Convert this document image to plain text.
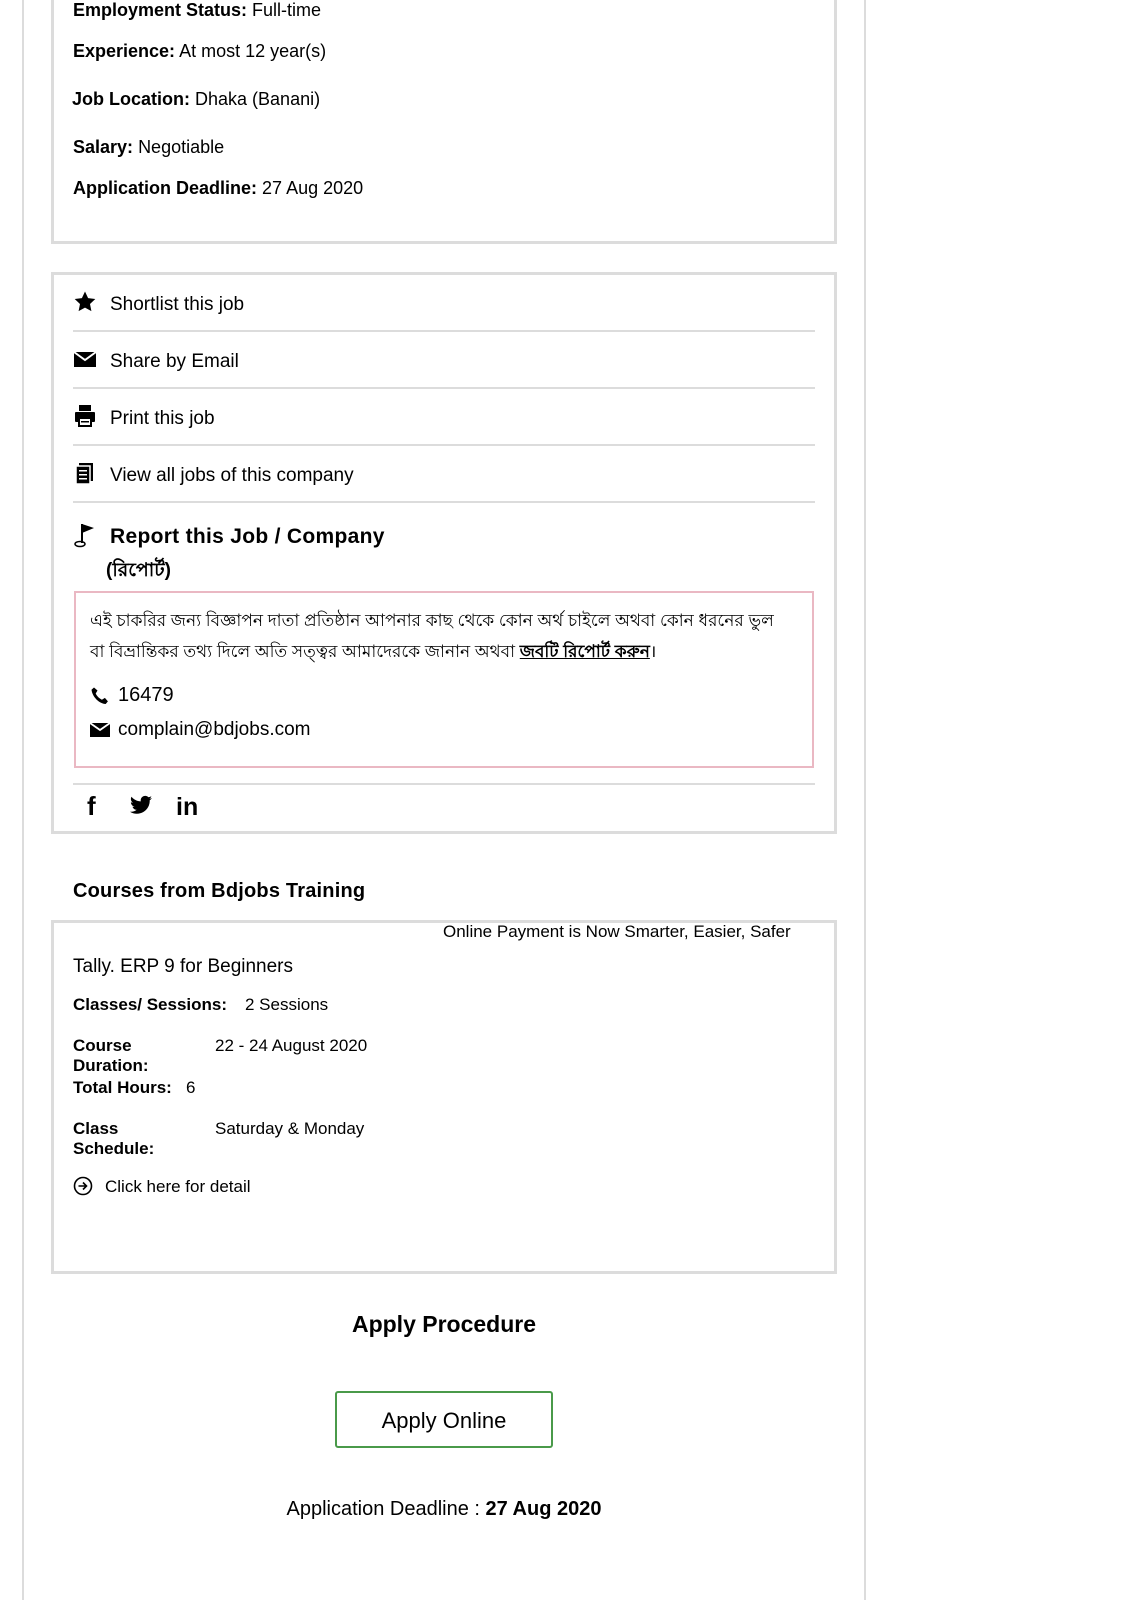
Employment Status: Full-time
Experience: At most 12 year(s)
Job Location: Dhaka (Banani)
Salary: Negotiable
Application Deadline: 27 Aug 2020
Shortlist this job
Share by Email
Print this job
View all jobs of this company
Report this Job / Company
(রিপোর্ট)
এই চাকরির জন্য বিজ্ঞাপন দাতা প্রতিষ্ঠান আপনার কাছ থেকে কোন অর্থ চাইলে অথবা কোন ধরনের ভুল বা বিভ্রান্তিকর তথ্য দিলে অতি সত্ত্বর আমাদেরকে জানান অথবা জবটি রিপোর্ট করুন।
16479
complain@bdjobs.com
f	in
Courses from Bdjobs Training
Online Payment is Now Smarter, Easier, Safer
Tally. ERP 9 for Beginners
Classes/ Sessions:	2 Sessions
Course Duration:
22 - 24 August 2020
Total Hours: 6
Class Schedule:
Saturday & Monday
Click here for detail
Apply Procedure
Apply Online
Application Deadline : 27 Aug 2020
